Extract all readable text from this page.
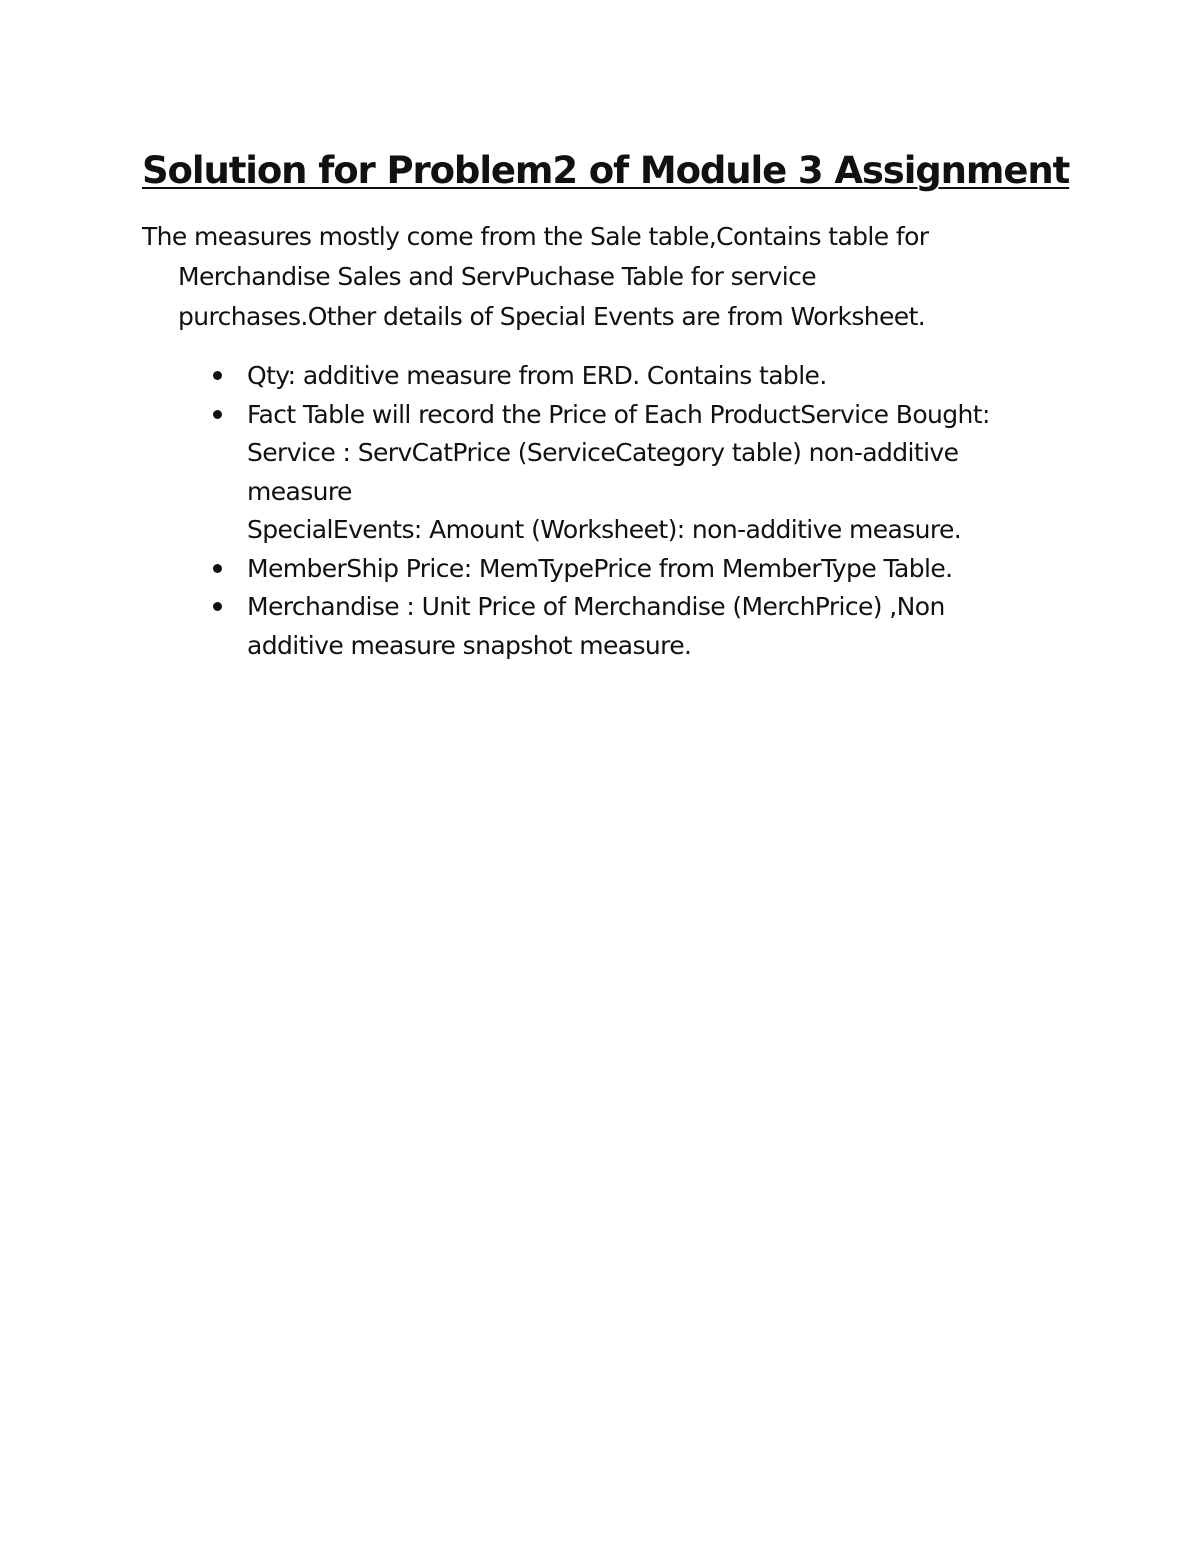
Solution for Problem2 of Module 3 Assignment

The measures mostly come from the Sale table,Contains table for
Merchandise Sales and ServPuchase Table for service
purchases.Other details of Special Events are from Worksheet.

Qty: additive measure from ERD. Contains table.
Fact Table will record the Price of Each ProductService Bought:
Service : ServCatPrice (ServiceCategory table) non-additive
measure
SpecialEvents: Amount (Worksheet): non-additive measure.
MemberShip Price: MemTypePrice from MemberType Table.
Merchandise : Unit Price of Merchandise (MerchPrice) ,Non
additive measure snapshot measure.
